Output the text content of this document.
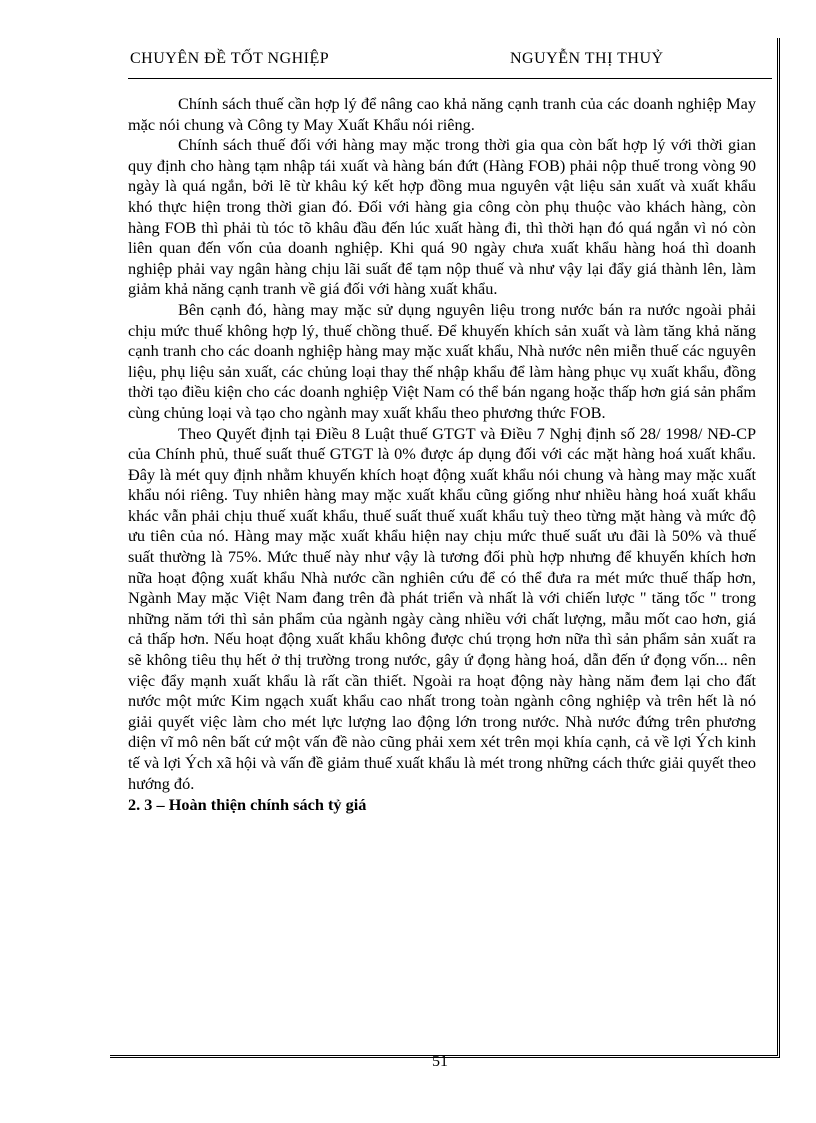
CHUYÊN ĐỀ TỐT NGHIỆP	NGUYỄN THỊ THUỶ

Chính sách thuế cần hợp lý để nâng cao khả năng cạnh tranh của các doanh nghiệp May mặc nói chung và Công ty May Xuất Khẩu nói riêng.

Chính sách thuế đối với hàng may mặc trong thời gia qua còn bất hợp lý với thời gian quy định cho hàng tạm nhập tái xuất và hàng bán đứt (Hàng FOB) phải nộp thuế trong vòng 90 ngày là quá ngắn, bởi lẽ từ khâu ký kết hợp đồng mua nguyên vật liệu sản xuất và xuất khẩu khó thực hiện trong thời gian đó. Đối với hàng gia công còn phụ thuộc vào khách hàng, còn hàng FOB thì phải tù tóc tõ khâu đầu đến lúc xuất hàng đi, thì thời hạn đó quá ngắn vì nó còn liên quan đến vốn của doanh nghiệp. Khi quá 90 ngày chưa xuất khẩu hàng hoá thì doanh nghiệp phải vay ngân hàng chịu lãi suất để tạm nộp thuế và như vậy lại đẩy giá thành lên, làm giảm khả năng cạnh tranh về giá đối với hàng xuất khẩu.

Bên cạnh đó, hàng may mặc sử dụng nguyên liệu trong nước bán ra nước ngoài phải chịu mức thuế không hợp lý, thuế chồng thuế. Để khuyến khích sản xuất và làm tăng khả năng cạnh tranh cho các doanh nghiệp hàng may mặc xuất khẩu, Nhà nước nên miễn thuế các nguyên liệu, phụ liệu sản xuất, các chủng loại thay thế nhập khẩu để làm hàng phục vụ xuất khẩu, đồng thời tạo điều kiện cho các doanh nghiệp Việt Nam có thể bán ngang hoặc thấp hơn giá sản phẩm cùng chủng loại và tạo cho ngành may xuất khẩu theo phương thức FOB.

Theo Quyết định tại Điều 8 Luật thuế GTGT và Điều 7 Nghị định số 28/ 1998/ NĐ-CP của Chính phủ, thuế suất thuế GTGT là 0% được áp dụng đối với các mặt hàng hoá xuất khẩu. Đây là mét quy định nhằm khuyến khích hoạt động xuất khẩu nói chung và hàng may mặc xuất khẩu nói riêng. Tuy nhiên hàng may mặc xuất khẩu cũng giống như nhiều hàng hoá xuất khẩu khác vẫn phải chịu thuế xuất khẩu, thuế suất thuế xuất khẩu tuỳ theo từng mặt hàng và mức độ ưu tiên của nó. Hàng may mặc xuất khẩu hiện nay chịu mức thuế suất ưu đãi là 50% và thuế suất thường là 75%. Mức thuế này như vậy là tương đối phù hợp nhưng để khuyến khích hơn nữa hoạt động xuất khẩu Nhà nước cần nghiên cứu để có thể đưa ra mét mức thuế thấp hơn, Ngành May mặc Việt Nam đang trên đà phát triển và nhất là với chiến lược " tăng tốc " trong những năm tới thì sản phẩm của ngành ngày càng nhiều với chất lượng, mẫu mốt cao hơn, giá cả thấp hơn. Nếu hoạt động xuất khẩu không được chú trọng hơn nữa thì sản phẩm sản xuất ra sẽ không tiêu thụ hết ở thị trường trong nước, gây ứ đọng hàng hoá, dẫn đến ứ đọng vốn... nên việc đẩy mạnh xuất khẩu là rất cần thiết. Ngoài ra hoạt động này hàng năm đem lại cho đất nước một mức Kim ngạch xuất khẩu cao nhất trong toàn ngành công nghiệp và trên hết là nó giải quyết việc làm cho mét lực lượng lao động lớn trong nước. Nhà nước đứng trên phương diện vĩ mô nên bất cứ một vấn đề nào cũng phải xem xét trên mọi khía cạnh, cả về lợi Ých kinh tế và lợi Ých xã hội và vấn đề giảm thuế xuất khẩu là mét trong những cách thức giải quyết theo hướng đó.

2. 3 – Hoàn thiện chính sách tỷ giá
51
